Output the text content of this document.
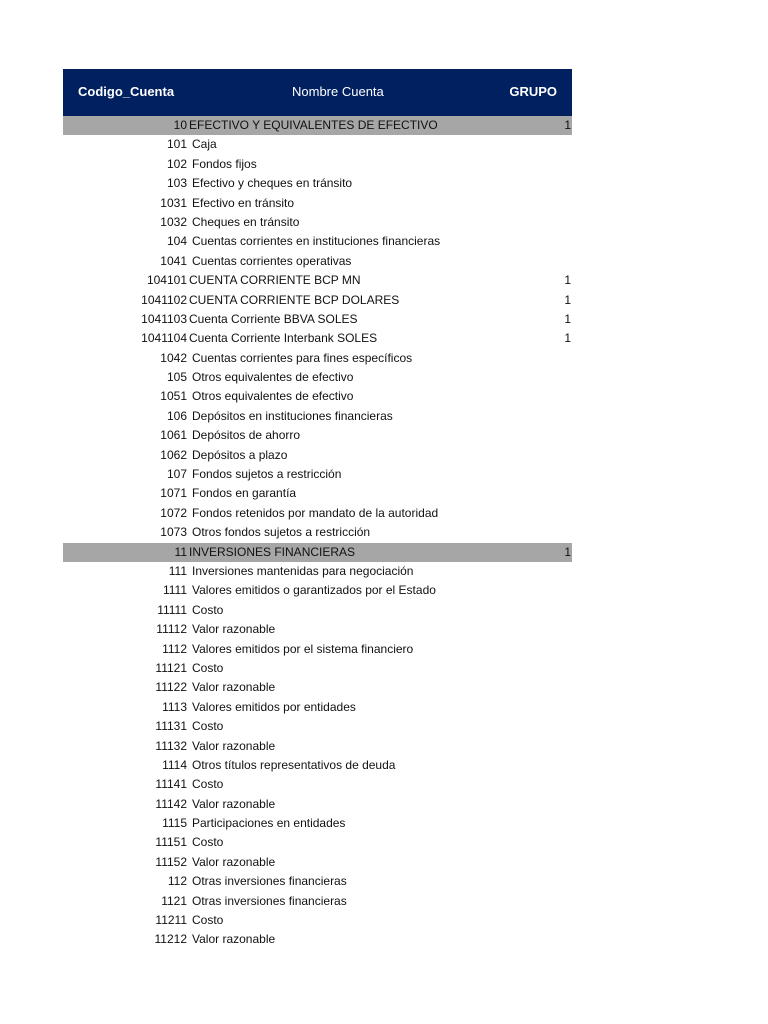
Codigo_Cuenta	Nombre Cuenta	GRUPO
10 EFECTIVO Y EQUIVALENTES DE EFECTIVO	1
101 Caja
102 Fondos fijos
103 Efectivo y cheques en tránsito
1031 Efectivo en tránsito
1032 Cheques en tránsito
104 Cuentas corrientes en instituciones financieras
1041 Cuentas corrientes operativas
104101 CUENTA CORRIENTE BCP MN	1
1041102 CUENTA CORRIENTE BCP DOLARES	1
1041103 Cuenta Corriente BBVA SOLES	1
1041104 Cuenta Corriente Interbank SOLES	1
1042 Cuentas corrientes para fines específicos
105 Otros equivalentes de efectivo
1051 Otros equivalentes de efectivo
106 Depósitos en instituciones financieras
1061 Depósitos de ahorro
1062 Depósitos a plazo
107 Fondos sujetos a restricción
1071 Fondos en garantía
1072 Fondos retenidos por mandato de la autoridad
1073 Otros fondos sujetos a restricción
11 INVERSIONES FINANCIERAS	1
111 Inversiones mantenidas para negociación
1111 Valores emitidos o garantizados por el Estado
11111 Costo
11112 Valor razonable
1112 Valores emitidos por el sistema financiero
11121 Costo
11122 Valor razonable
1113 Valores emitidos por entidades
11131 Costo
11132 Valor razonable
1114 Otros títulos representativos de deuda
11141 Costo
11142 Valor razonable
1115 Participaciones en entidades
11151 Costo
11152 Valor razonable
112 Otras inversiones financieras
1121 Otras inversiones financieras
11211 Costo
11212 Valor razonable
